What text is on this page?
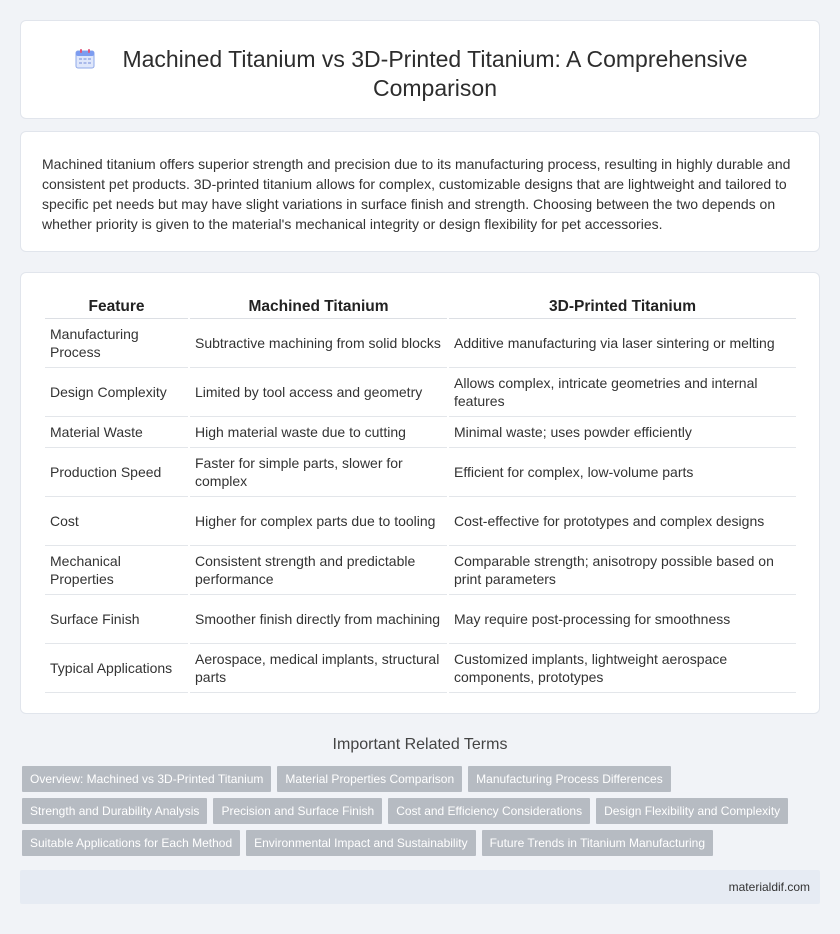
Machined Titanium vs 3D-Printed Titanium: A Comprehensive Comparison

Machined titanium offers superior strength and precision due to its manufacturing process, resulting in highly durable and consistent pet products. 3D-printed titanium allows for complex, customizable designs that are lightweight and tailored to specific pet needs but may have slight variations in surface finish and strength. Choosing between the two depends on whether priority is given to the material's mechanical integrity or design flexibility for pet accessories.

Feature	Machined Titanium	3D-Printed Titanium
Manufacturing Process	Subtractive machining from solid blocks	Additive manufacturing via laser sintering or melting
Design Complexity	Limited by tool access and geometry	Allows complex, intricate geometries and internal features
Material Waste	High material waste due to cutting	Minimal waste; uses powder efficiently
Production Speed	Faster for simple parts, slower for complex	Efficient for complex, low-volume parts
Cost	Higher for complex parts due to tooling	Cost-effective for prototypes and complex designs
Mechanical Properties	Consistent strength and predictable performance	Comparable strength; anisotropy possible based on print parameters
Surface Finish	Smoother finish directly from machining	May require post-processing for smoothness
Typical Applications	Aerospace, medical implants, structural parts	Customized implants, lightweight aerospace components, prototypes
Important Related Terms
Overview: Machined vs 3D-Printed Titanium	Material Properties Comparison	Manufacturing Process Differences
Strength and Durability Analysis	Precision and Surface Finish	Cost and Efficiency Considerations	Design Flexibility and Complexity
Suitable Applications for Each Method	Environmental Impact and Sustainability	Future Trends in Titanium Manufacturing
materialdif.com
